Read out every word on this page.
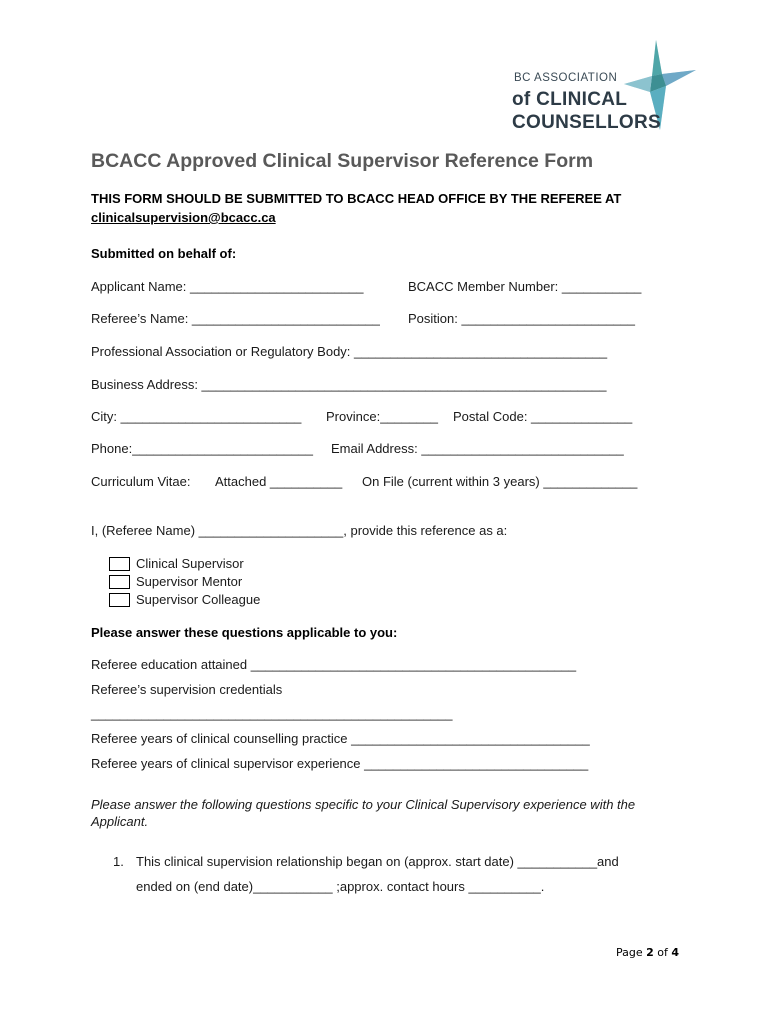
BC ASSOCIATION
of CLINICAL
COUNSELLORS
BCACC Approved Clinical Supervisor Reference Form
THIS FORM SHOULD BE SUBMITTED TO BCACC HEAD OFFICE BY THE REFEREE AT
clinicalsupervision@bcacc.ca
Submitted on behalf of:
Applicant Name: ________________________	BCACC Member Number: ___________
Referee’s Name: __________________________ Position: ________________________
Professional Association or Regulatory Body: ___________________________________
Business Address: ________________________________________________________
City: _________________________ Province:________ Postal Code: ______________
Phone:_________________________ Email Address: ____________________________
Curriculum Vitae: Attached __________ On File (current within 3 years) _____________
I, (Referee Name) ____________________, provide this reference as a:
Clinical Supervisor
Supervisor Mentor
Supervisor Colleague
Please answer these questions applicable to you:
Referee education attained _____________________________________________
Referee’s supervision credentials
__________________________________________________
Referee years of clinical counselling practice _________________________________
Referee years of clinical supervisor experience _______________________________
Please answer the following questions specific to your Clinical Supervisory experience with the
Applicant.
1. This clinical supervision relationship began on (approx. start date) ___________and
ended on (end date)___________ ;approx. contact hours __________.
Page 2 of 4
